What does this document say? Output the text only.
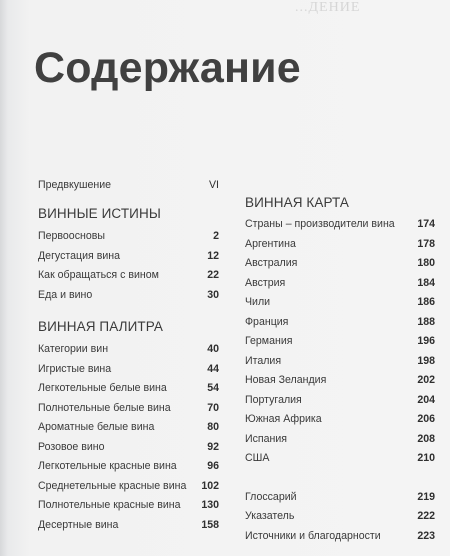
...ДЕНИЕ
Содержание
Предвкушение	VI
ВИННЫЕ ИСТИНЫ
Первоосновы	2
Дегустация вина	12
Как обращаться с вином	22
Еда и вино	30
ВИННАЯ ПАЛИТРА
Категории вин	40
Игристые вина	44
Легкотельные белые вина	54
Полнотельные белые вина	70
Ароматные белые вина	80
Розовое вино	92
Легкотельные красные вина	96
Среднетельные красные вина 102
Полнотельные красные вина 130
Десертные вина	158
ВИННАЯ КАРТА
Страны – производители вина 174
Аргентина	178
Австралия	180
Австрия	184
Чили	186
Франция	188
Германия	196
Италия	198
Новая Зеландия	202
Португалия	204
Южная Африка	206
Испания	208
США	210
Глоссарий	219
Указатель	222
Источники и благодарности	223
